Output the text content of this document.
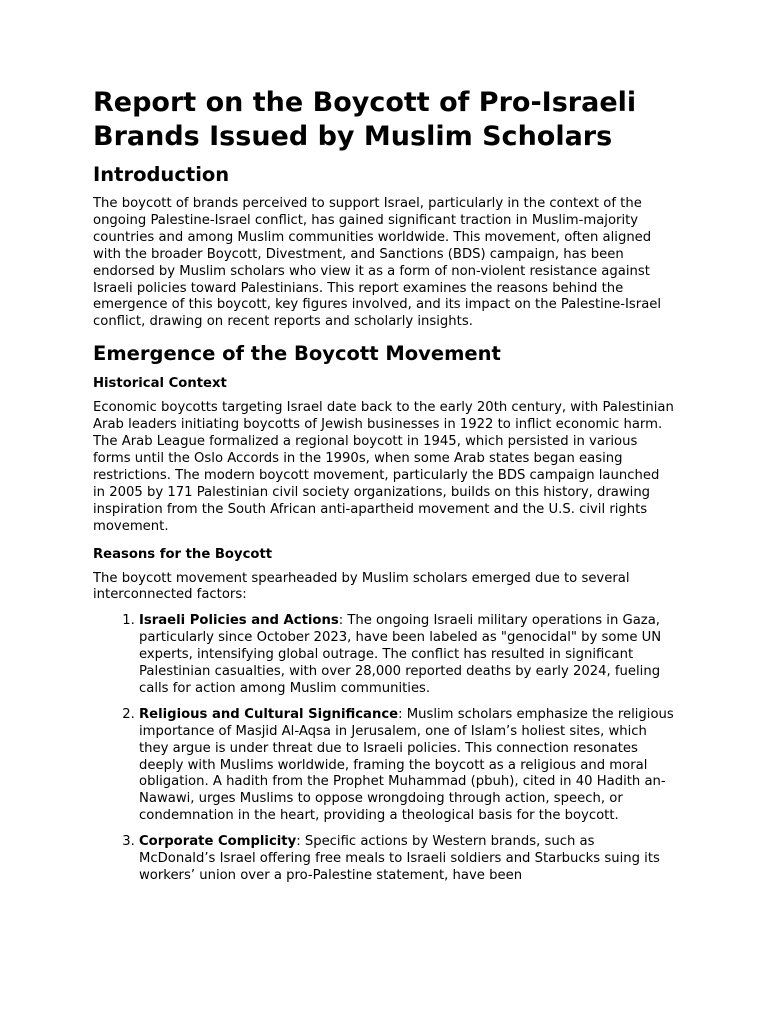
Report on the Boycott of Pro-Israeli Brands Issued by Muslim Scholars
Introduction

The boycott of brands perceived to support Israel, particularly in the context of the ongoing Palestine-Israel conflict, has gained significant traction in Muslim-majority countries and among Muslim communities worldwide. This movement, often aligned with the broader Boycott, Divestment, and Sanctions (BDS) campaign, has been endorsed by Muslim scholars who view it as a form of non-violent resistance against Israeli policies toward Palestinians. This report examines the reasons behind the emergence of this boycott, key figures involved, and its impact on the Palestine-Israel conflict, drawing on recent reports and scholarly insights.

Emergence of the Boycott Movement
Historical Context

Economic boycotts targeting Israel date back to the early 20th century, with Palestinian Arab leaders initiating boycotts of Jewish businesses in 1922 to inflict economic harm. The Arab League formalized a regional boycott in 1945, which persisted in various forms until the Oslo Accords in the 1990s, when some Arab states began easing restrictions. The modern boycott movement, particularly the BDS campaign launched in 2005 by 171 Palestinian civil society organizations, builds on this history, drawing inspiration from the South African anti-apartheid movement and the U.S. civil rights movement.

Reasons for the Boycott

The boycott movement spearheaded by Muslim scholars emerged due to several interconnected factors:

1. Israeli Policies and Actions: The ongoing Israeli military operations in Gaza, particularly since October 2023, have been labeled as "genocidal" by some UN experts, intensifying global outrage. The conflict has resulted in significant Palestinian casualties, with over 28,000 reported deaths by early 2024, fueling calls for action among Muslim communities.
2. Religious and Cultural Significance: Muslim scholars emphasize the religious importance of Masjid Al-Aqsa in Jerusalem, one of Islam’s holiest sites, which they argue is under threat due to Israeli policies. This connection resonates deeply with Muslims worldwide, framing the boycott as a religious and moral obligation. A hadith from the Prophet Muhammad (pbuh), cited in 40 Hadith an-Nawawi, urges Muslims to oppose wrongdoing through action, speech, or condemnation in the heart, providing a theological basis for the boycott.
3. Corporate Complicity: Specific actions by Western brands, such as McDonald’s Israel offering free meals to Israeli soldiers and Starbucks suing its workers’ union over a pro-Palestine statement, have been
